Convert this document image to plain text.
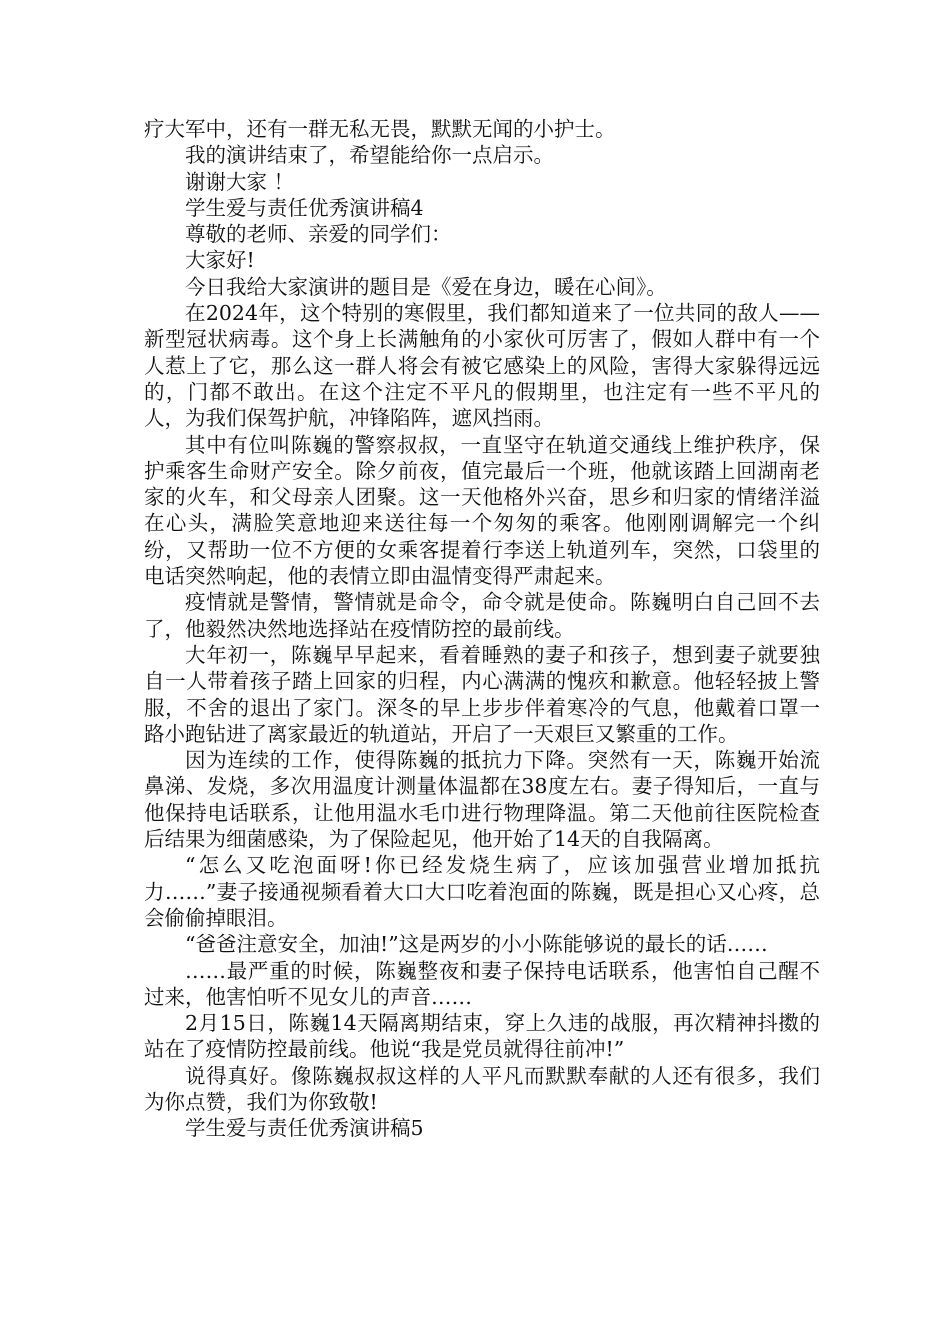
疗大军中，还有一群无私无畏，默默无闻的小护士。

我的演讲结束了，希望能给你一点启示。

谢谢大家 ！

学生爱与责任优秀演讲稿4

尊敬的老师、亲爱的同学们：

大家好!

今日我给大家演讲的题目是《爱在身边，暖在心间》。

在2024年，这个特别的寒假里，我们都知道来了一位共同的敌人——新型冠状病毒。这个身上长满触角的小家伙可厉害了，假如人群中有一个人惹上了它，那么这一群人将会有被它感染上的风险，害得大家躲得远远的，门都不敢出。在这个注定不平凡的假期里，也注定有一些不平凡的人，为我们保驾护航，冲锋陷阵，遮风挡雨。

其中有位叫陈巍的警察叔叔，一直坚守在轨道交通线上维护秩序，保护乘客生命财产安全。除夕前夜，值完最后一个班，他就该踏上回湖南老家的火车，和父母亲人团聚。这一天他格外兴奋，思乡和归家的情绪洋溢在心头，满脸笑意地迎来送往每一个匆匆的乘客。他刚刚调解完一个纠纷，又帮助一位不方便的女乘客提着行李送上轨道列车，突然，口袋里的电话突然响起，他的表情立即由温情变得严肃起来。

疫情就是警情，警情就是命令，命令就是使命。陈巍明白自己回不去了，他毅然决然地选择站在疫情防控的最前线。

大年初一，陈巍早早起来，看着睡熟的妻子和孩子，想到妻子就要独自一人带着孩子踏上回家的归程，内心满满的愧疚和歉意。他轻轻披上警服，不舍的退出了家门。深冬的早上步步伴着寒冷的气息，他戴着口罩一路小跑钻进了离家最近的轨道站，开启了一天艰巨又繁重的工作。

因为连续的工作，使得陈巍的抵抗力下降。突然有一天，陈巍开始流鼻涕、发烧，多次用温度计测量体温都在38度左右。妻子得知后，一直与他保持电话联系，让他用温水毛巾进行物理降温。第二天他前往医院检查后结果为细菌感染，为了保险起见，他开始了14天的自我隔离。

“怎么又吃泡面呀!你已经发烧生病了，应该加强营业增加抵抗力……”妻子接通视频看着大口大口吃着泡面的陈巍，既是担心又心疼，总会偷偷掉眼泪。

“爸爸注意安全，加油!”这是两岁的小小陈能够说的最长的话……

……最严重的时候，陈巍整夜和妻子保持电话联系，他害怕自己醒不过来，他害怕听不见女儿的声音……

2月15日，陈巍14天隔离期结束，穿上久违的战服，再次精神抖擞的站在了疫情防控最前线。他说“我是党员就得往前冲!”

说得真好。像陈巍叔叔这样的人平凡而默默奉献的人还有很多，我们为你点赞，我们为你致敬!

学生爱与责任优秀演讲稿5
